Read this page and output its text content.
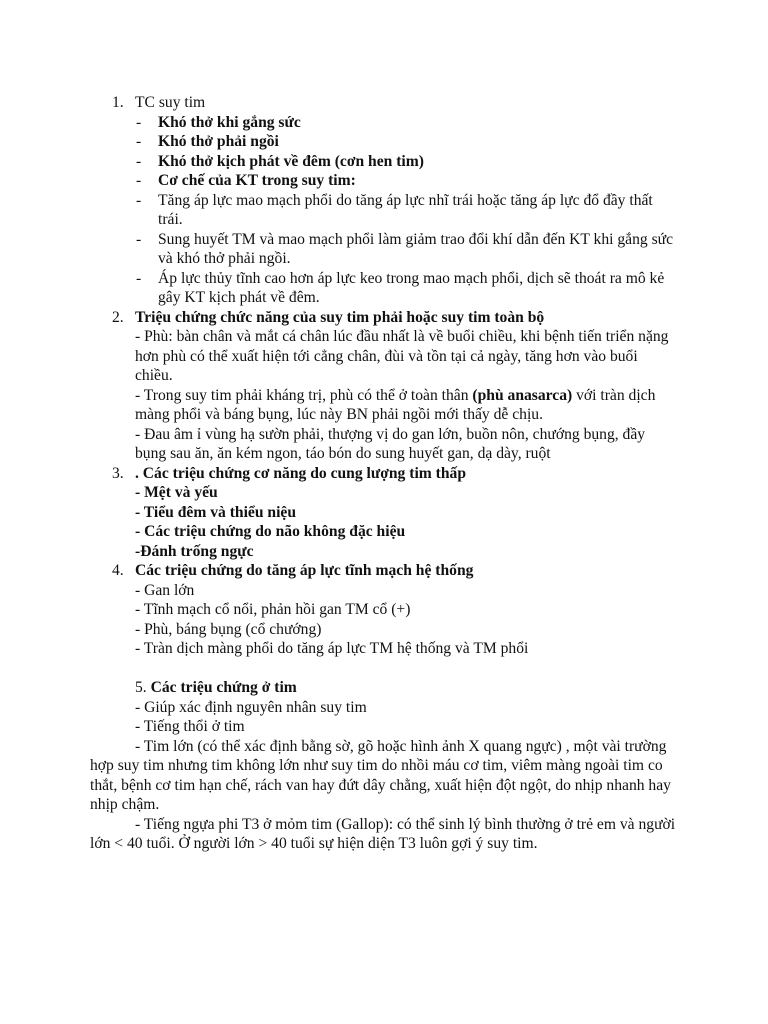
1. TC suy tim
- Khó thở khi gắng sức
- Khó thở phải ngồi
- Khó thở kịch phát về đêm (cơn hen tim)
- Cơ chế của KT trong suy tim:
- Tăng áp lực mao mạch phổi do tăng áp lực nhĩ trái hoặc tăng áp lực đổ đầy thất trái.
- Sung huyết TM và mao mạch phổi làm giảm trao đổi khí dẫn đến KT khi gắng sức và khó thở phải ngồi.
- Áp lực thủy tĩnh cao hơn áp lực keo trong mao mạch phổi, dịch sẽ thoát ra mô kẻ gây KT kịch phát về đêm.
2. Triệu chứng chức năng của suy tim phải hoặc suy tim toàn bộ
- Phù: bàn chân và mắt cá chân lúc đầu nhất là về buổi chiều, khi bệnh tiến triển nặng hơn phù có thể xuất hiện tới cẳng chân, đùi và tồn tại cả ngày, tăng hơn vào buổi chiều.
- Trong suy tim phải kháng trị, phù có thể ở toàn thân (phù anasarca) với tràn dịch màng phổi và báng bụng, lúc này BN phải ngồi mới thấy dễ chịu.
- Đau âm ỉ vùng hạ sườn phải, thượng vị do gan lớn, buồn nôn, chướng bụng, đầy bụng sau ăn, ăn kém ngon, táo bón do sung huyết gan, dạ dày, ruột
3. . Các triệu chứng cơ năng do cung lượng tim thấp
- Mệt và yếu
- Tiểu đêm và thiểu niệu
- Các triệu chứng do não không đặc hiệu
-Đánh trống ngực
4. Các triệu chứng do tăng áp lực tĩnh mạch hệ thống
- Gan lớn
- Tĩnh mạch cổ nổi, phản hồi gan TM cổ (+)
- Phù, báng bụng (cổ chướng)
- Tràn dịch màng phổi do tăng áp lực TM hệ thống và TM phổi
5. Các triệu chứng ở tim
- Giúp xác định nguyên nhân suy tim
- Tiếng thổi ở tim
- Tim lớn (có thể xác định bằng sờ, gõ hoặc hình ảnh X quang ngực) , một vài trường hợp suy tim nhưng tim không lớn như suy tim do nhồi máu cơ tim, viêm màng ngoài tim co thắt, bệnh cơ tim hạn chế, rách van hay đứt dây chằng, xuất hiện đột ngột, do nhịp nhanh hay nhịp chậm.
- Tiếng ngựa phi T3 ở mỏm tim (Gallop): có thể sinh lý bình thường ở trẻ em và người lớn < 40 tuổi. Ở người lớn > 40 tuổi sự hiện diện T3 luôn gợi ý suy tim.
